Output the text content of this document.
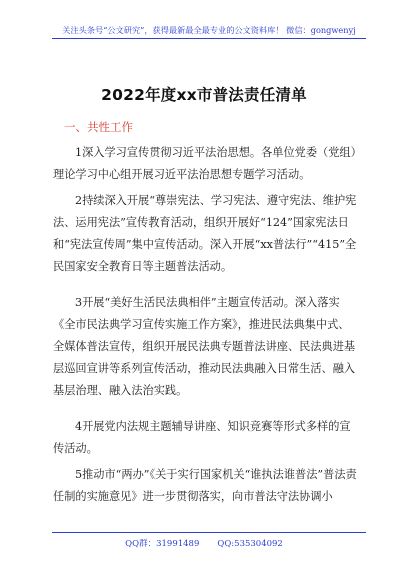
关注头条号“公文研究”，获得最新最全最专业的公文资料库！ 微信：gongwenyj
2022年度xx市普法责任清单
一、共性工作

1深入学习宣传贯彻习近平法治思想。各单位党委（党组）理论学习中心组开展习近平法治思想专题学习活动。

2持续深入开展“尊崇宪法、学习宪法、遵守宪法、维护宪法、运用宪法”宣传教育活动，组织开展好“124”国家宪法日和“宪法宣传周”集中宣传活动。深入开展“xx普法行”“415”全民国家安全教育日等主题普法活动。

3开展“美好生活民法典相伴”主题宣传活动。深入落实《全市民法典学习宣传实施工作方案》，推进民法典集中式、全媒体普法宣传，组织开展民法典专题普法讲座、民法典进基层巡回宣讲等系列宣传活动，推动民法典融入日常生活、融入基层治理、融入法治实践。

4开展党内法规主题辅导讲座、知识竞赛等形式多样的宣传活动。

5推动市“两办”《关于实行国家机关“谁执法谁普法”普法责任制的实施意见》进一步贯彻落实，向市普法守法协调小

QQ群：31991489 QQ:535304092
